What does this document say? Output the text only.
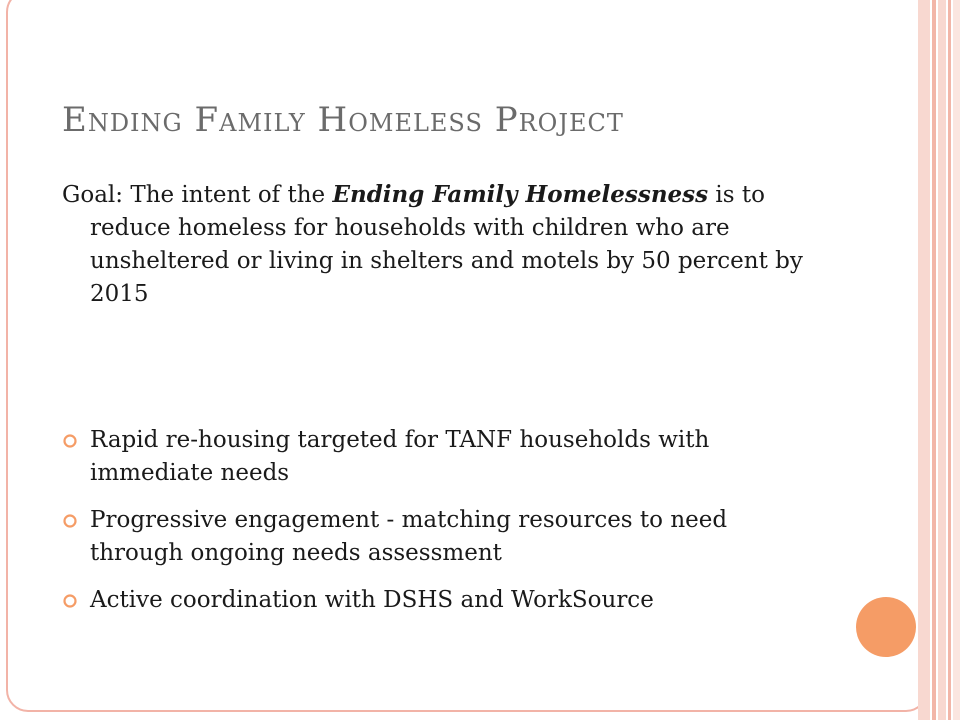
Ending Family Homeless Project
Goal: The intent of the Ending Family Homelessness is to reduce homeless for households with children who are unsheltered or living in shelters and motels by 50 percent by 2015
Rapid re-housing targeted for TANF households with immediate needs
Progressive engagement - matching resources to need through ongoing needs assessment
Active coordination with DSHS and WorkSource
